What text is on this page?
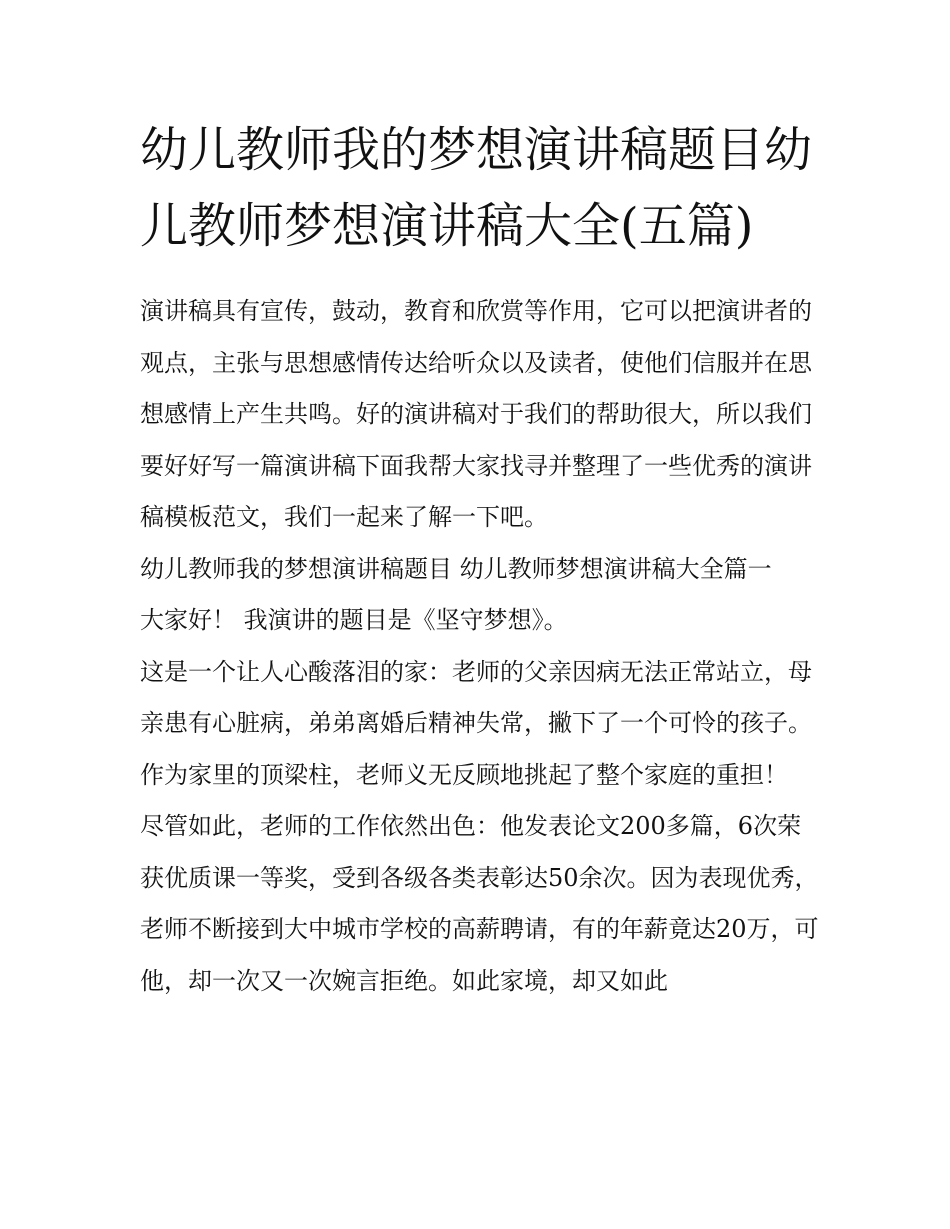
幼儿教师我的梦想演讲稿题目幼儿教师梦想演讲稿大全(五篇)

演讲稿具有宣传，鼓动，教育和欣赏等作用，它可以把演讲者的观点，主张与思想感情传达给听众以及读者，使他们信服并在思想感情上产生共鸣。好的演讲稿对于我们的帮助很大，所以我们要好好写一篇演讲稿下面我帮大家找寻并整理了一些优秀的演讲稿模板范文，我们一起来了解一下吧。

幼儿教师我的梦想演讲稿题目 幼儿教师梦想演讲稿大全篇一

大家好！ 我演讲的题目是《坚守梦想》。

这是一个让人心酸落泪的家：老师的父亲因病无法正常站立，母亲患有心脏病，弟弟离婚后精神失常，撇下了一个可怜的孩子。作为家里的顶梁柱，老师义无反顾地挑起了整个家庭的重担！

尽管如此，老师的工作依然出色：他发表论文200多篇，6次荣获优质课一等奖，受到各级各类表彰达50余次。因为表现优秀，老师不断接到大中城市学校的高薪聘请，有的年薪竟达20万，可他，却一次又一次婉言拒绝。如此家境，却又如此
